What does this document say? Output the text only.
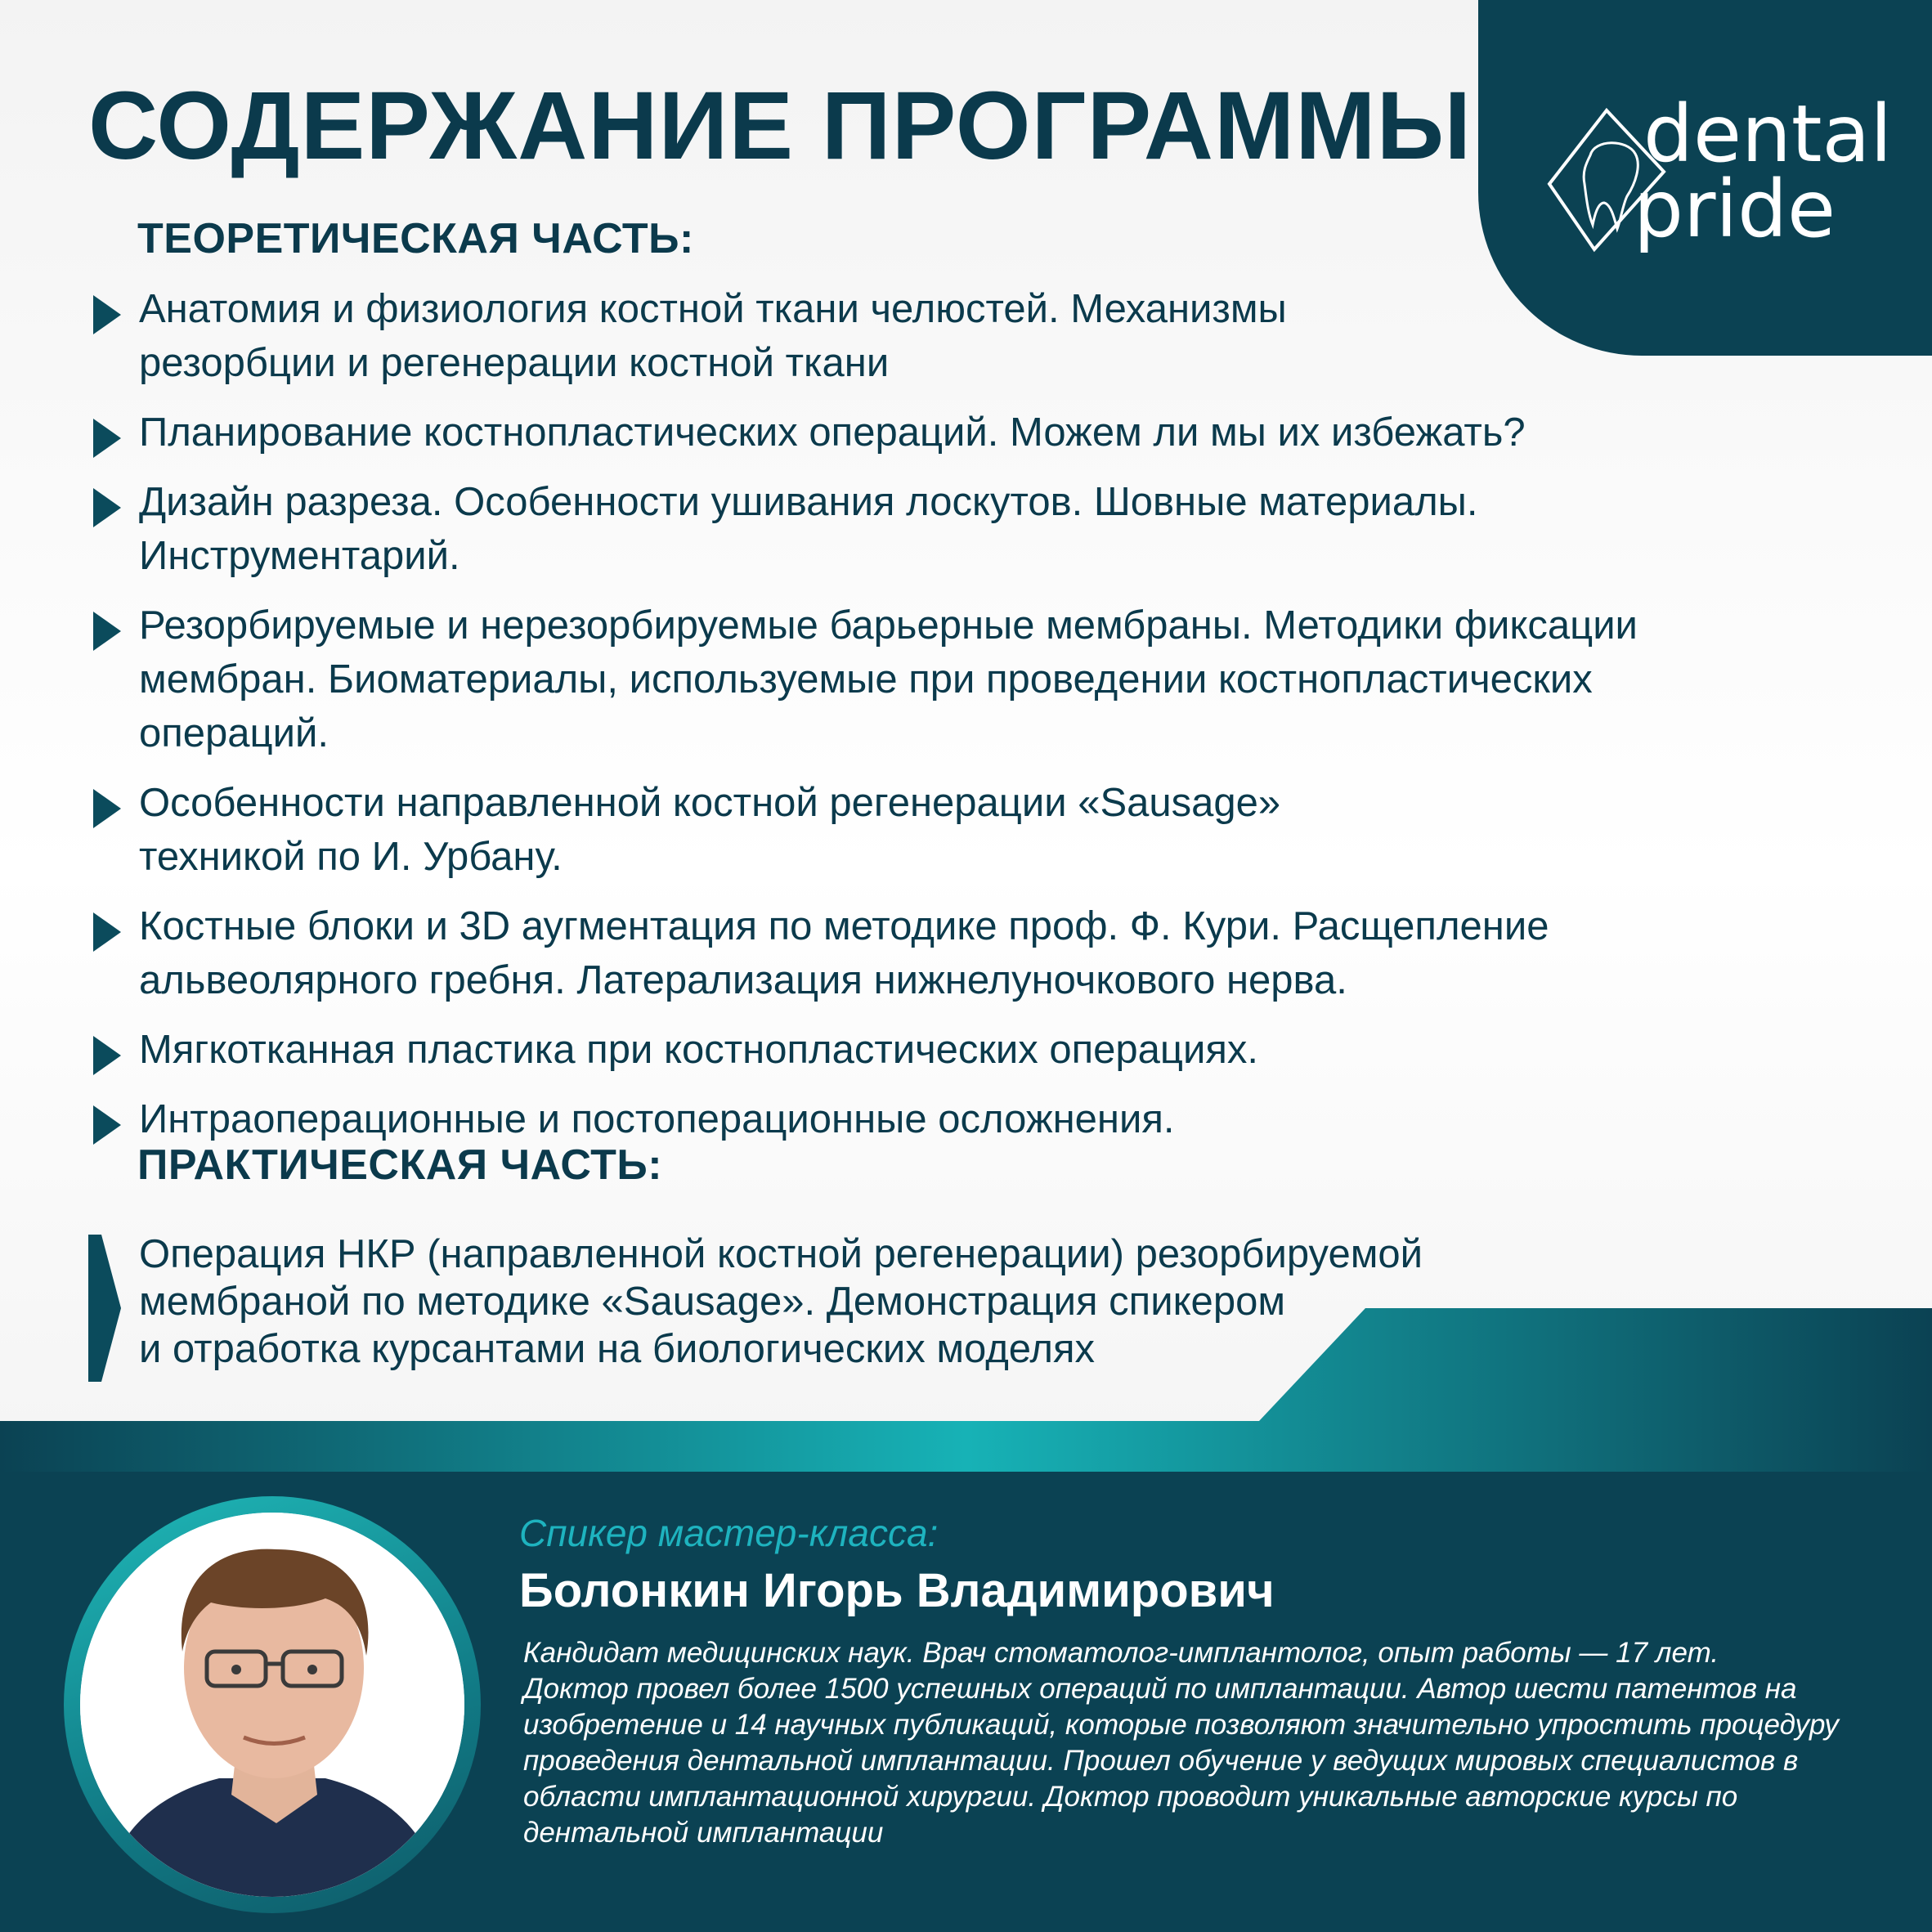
dental
pride
СОДЕРЖАНИЕ ПРОГРАММЫ
ТЕОРЕТИЧЕСКАЯ ЧАСТЬ:
Анатомия и физиология костной ткани челюстей. Механизмы
резорбции и регенерации костной ткани
Планирование костнопластических операций. Можем ли мы их избежать?
Дизайн разреза. Особенности ушивания лоскутов. Шовные материалы.
Инструментарий.
Резорбируемые и нерезорбируемые барьерные мембраны. Методики фиксации
мембран. Биоматериалы, используемые при проведении костнопластических
операций.
Особенности направленной костной регенерации «Sausage»
техникой по И. Урбану.
Костные блоки и 3D аугментация по методике проф. Ф. Кури. Расщепление
альвеолярного гребня. Латерализация нижнелуночкового нерва.
Мягкотканная пластика при костнопластических операциях.
Интраоперационные и постоперационные осложнения.
ПРАКТИЧЕСКАЯ ЧАСТЬ:
Операция НКР (направленной костной регенерации) резорбируемой
мембраной по методике «Sausage». Демонстрация спикером
и отработка курсантами на биологических моделях
Спикер мастер-класса:
Болонкин Игорь Владимирович
Кандидат медицинских наук. Врач стоматолог-имплантолог, опыт работы — 17 лет.
Доктор провел более 1500 успешных операций по имплантации. Автор шести патентов на
изобретение и 14 научных публикаций, которые позволяют значительно упростить процедуру
проведения дентальной имплантации. Прошел обучение у ведущих мировых специалистов в
области имплантационной хирургии. Доктор проводит уникальные авторские курсы по
дентальной имплантации
